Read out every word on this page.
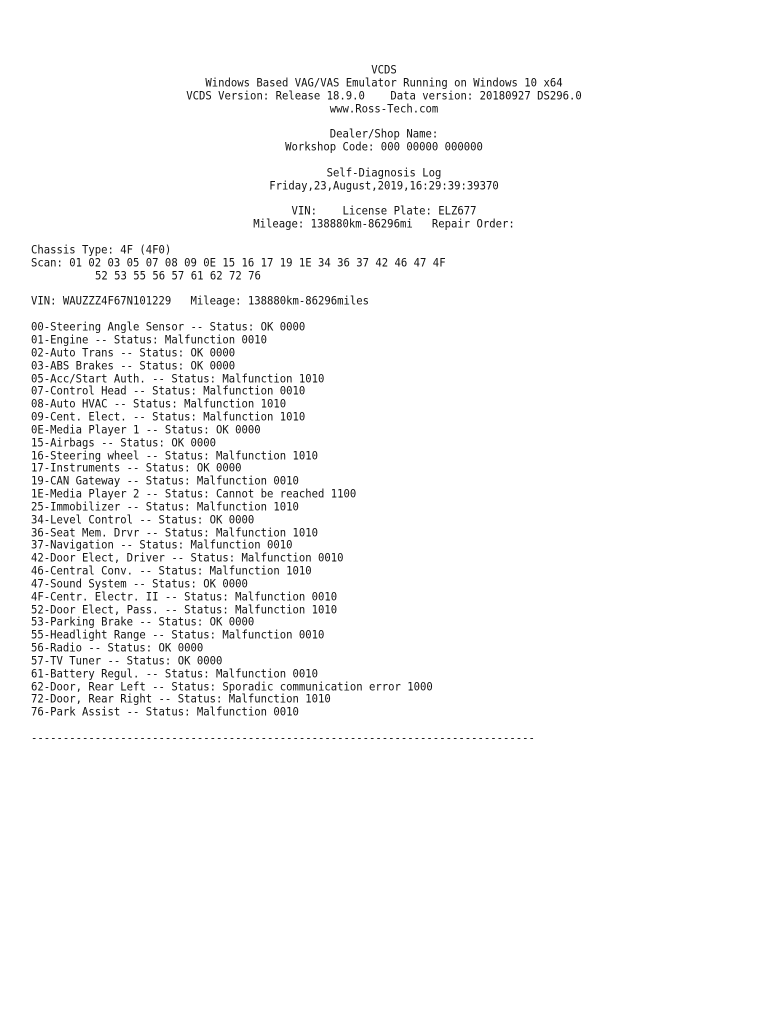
VCDS
Windows Based VAG/VAS Emulator Running on Windows 10 x64
VCDS Version: Release 18.9.0    Data version: 20180927 DS296.0
www.Ross-Tech.com
Dealer/Shop Name:
Workshop Code: 000 00000 000000
Self-Diagnosis Log
Friday,23,August,2019,16:29:39:39370
VIN:    License Plate: ELZ677
Mileage: 138880km-86296mi   Repair Order:
Chassis Type: 4F (4F0)
Scan: 01 02 03 05 07 08 09 0E 15 16 17 19 1E 34 36 37 42 46 47 4F
52 53 55 56 57 61 62 72 76
VIN: WAUZZZ4F67N101229   Mileage: 138880km-86296miles
00-Steering Angle Sensor -- Status: OK 0000
01-Engine -- Status: Malfunction 0010
02-Auto Trans -- Status: OK 0000
03-ABS Brakes -- Status: OK 0000
05-Acc/Start Auth. -- Status: Malfunction 1010
07-Control Head -- Status: Malfunction 0010
08-Auto HVAC -- Status: Malfunction 1010
09-Cent. Elect. -- Status: Malfunction 1010
0E-Media Player 1 -- Status: OK 0000
15-Airbags -- Status: OK 0000
16-Steering wheel -- Status: Malfunction 1010
17-Instruments -- Status: OK 0000
19-CAN Gateway -- Status: Malfunction 0010
1E-Media Player 2 -- Status: Cannot be reached 1100
25-Immobilizer -- Status: Malfunction 1010
34-Level Control -- Status: OK 0000
36-Seat Mem. Drvr -- Status: Malfunction 1010
37-Navigation -- Status: Malfunction 0010
42-Door Elect, Driver -- Status: Malfunction 0010
46-Central Conv. -- Status: Malfunction 1010
47-Sound System -- Status: OK 0000
4F-Centr. Electr. II -- Status: Malfunction 0010
52-Door Elect, Pass. -- Status: Malfunction 1010
53-Parking Brake -- Status: OK 0000
55-Headlight Range -- Status: Malfunction 0010
56-Radio -- Status: OK 0000
57-TV Tuner -- Status: OK 0000
61-Battery Regul. -- Status: Malfunction 0010
62-Door, Rear Left -- Status: Sporadic communication error 1000
72-Door, Rear Right -- Status: Malfunction 1010
76-Park Assist -- Status: Malfunction 0010
-------------------------------------------------------------------------------
